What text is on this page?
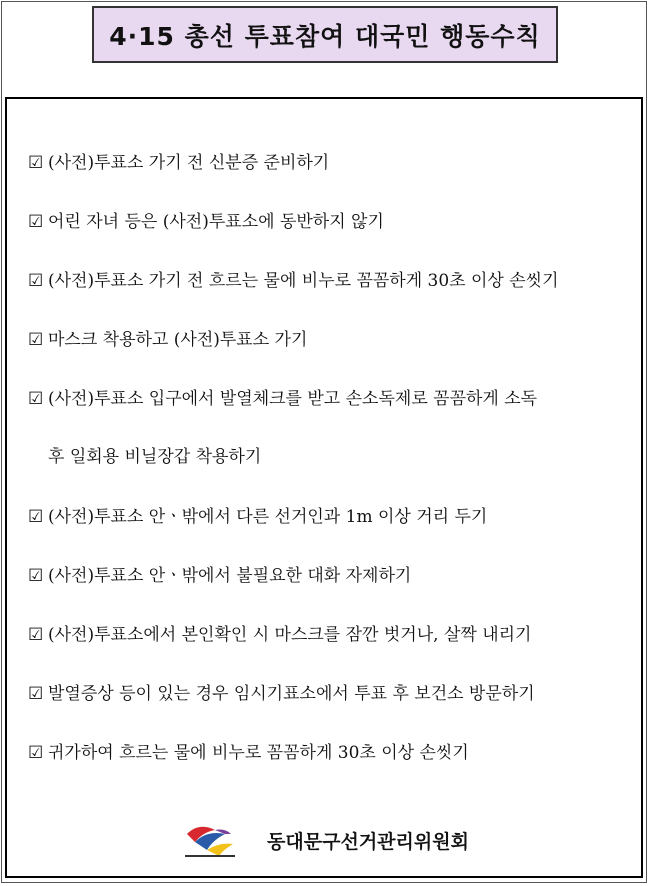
4·15 총선 투표참여 대국민 행동수칙
☑ (사전)투표소 가기 전 신분증 준비하기
☑ 어린 자녀 등은 (사전)투표소에 동반하지 않기
☑ (사전)투표소 가기 전 흐르는 물에 비누로 꼼꼼하게 30초 이상 손씻기
☑ 마스크 착용하고 (사전)투표소 가기
☑ (사전)투표소 입구에서 발열체크를 받고 손소독제로 꼼꼼하게 소독
후 일회용 비닐장갑 착용하기
☑ (사전)투표소 안ㆍ밖에서 다른 선거인과 1m 이상 거리 두기
☑ (사전)투표소 안ㆍ밖에서 불필요한 대화 자제하기
☑ (사전)투표소에서 본인확인 시 마스크를 잠깐 벗거나, 살짝 내리기
☑ 발열증상 등이 있는 경우 임시기표소에서 투표 후 보건소 방문하기
☑ 귀가하여 흐르는 물에 비누로 꼼꼼하게 30초 이상 손씻기
동대문구선거관리위원회
